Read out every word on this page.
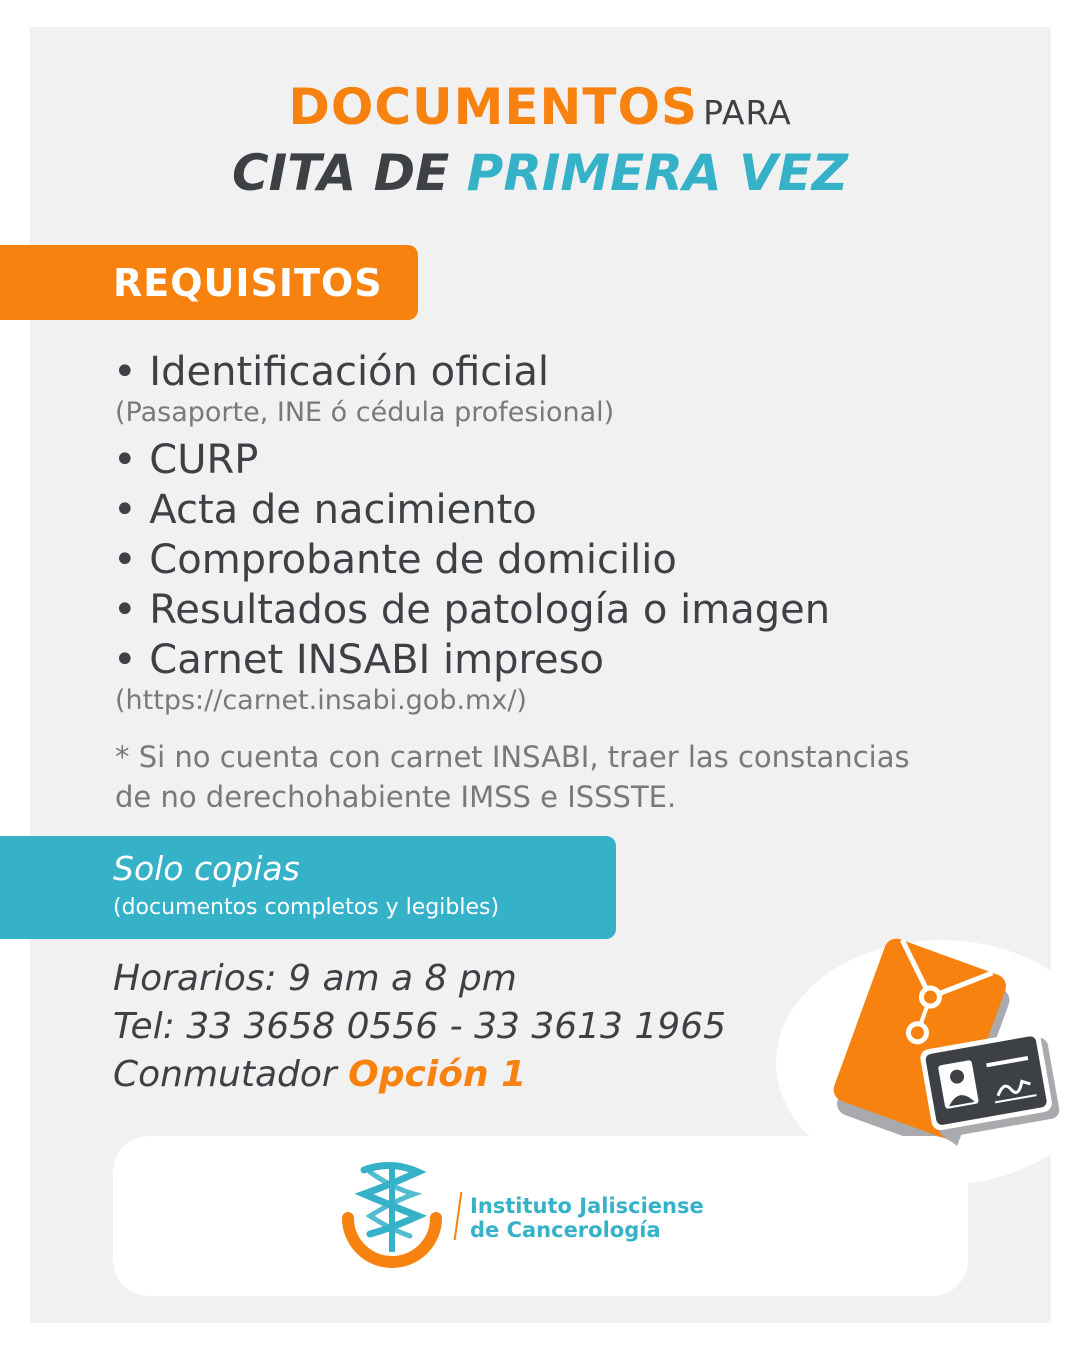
DOCUMENTOS PARA
CITA DE PRIMERA VEZ
REQUISITOS
• Identificación oficial
(Pasaporte, INE ó cédula profesional)
• CURP
• Acta de nacimiento
• Comprobante de domicilio
• Resultados de patología o imagen
• Carnet INSABI impreso
(https://carnet.insabi.gob.mx/)
* Si no cuenta con carnet INSABI, traer las constancias
de no derechohabiente IMSS e ISSSTE.
Solo copias
(documentos completos y legibles)
Horarios: 9 am a 8 pm
Tel: 33 3658 0556 - 33 3613 1965
Conmutador Opción 1
Instituto Jalisciense
de Cancerología
